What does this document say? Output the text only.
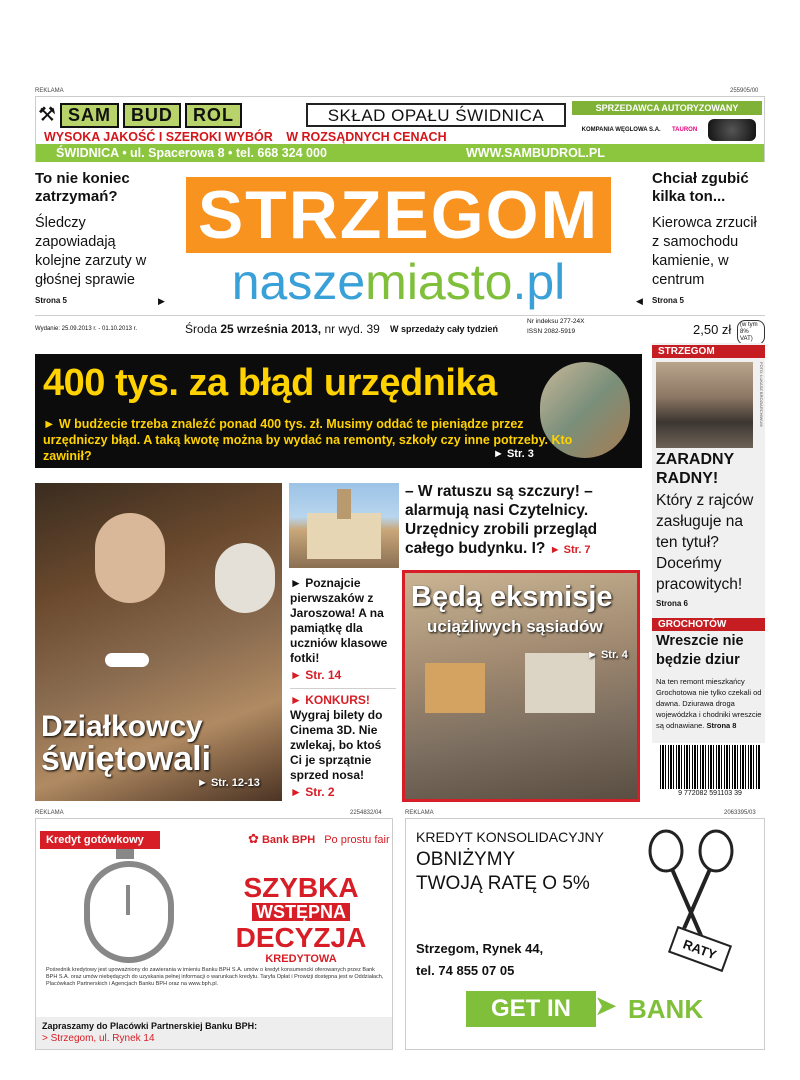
REKLAMA	255905/00
⚒ SAM	BUD	ROL	SKŁAD OPAŁU ŚWIDNICA
WYSOKA JAKOŚĆ I SZEROKI WYBÓR W ROZSĄDNYCH CENACH
SPRZEDAWCA AUTORYZOWANY
KOMPANIA WĘGLOWA S.A. TAURON
ŚWIDNICA • ul. Spacerowa 8 • tel. 668 324 000	WWW.SAMBUDROL.PL
STRZEGOM
naszemiasto.pl
To nie koniec zatrzymań?
Śledczy zapowiadają kolejne zarzuty w głośnej sprawie
Strona 5	▶
Chciał zgubić kilka ton...
Kierowca zrzucił z samochodu kamienie, w centrum
Strona 5
◀
Wydanie: 25.09.2013 r. - 01.10.2013 r.	Środa 25 września 2013, nr wyd. 39 W sprzedaży cały tydzień
Nr indeksu 277-24X
ISSN 2082-5919	2,50 zł	(w tym 8% VAT)
400 tys. za błąd urzędnika
► W budżecie trzeba znaleźć ponad 400 tys. zł. Musimy oddać te pieniądze przez urzędniczy błąd. A taką kwotę można by wydać na remonty, szkoły czy inne potrzeby. Kto zawinił?	► Str. 3
STRZEGOM
FOTO: ŁUKASZ BROZ/ARCHIWUM
ZARADNY RADNY!
Który z rajców zasługuje na ten tytuł? Doceńmy pracowitych!
Strona 6
GROCHOTÓW
Wreszcie nie będzie dziur
Na ten remont mieszkańcy Grochotowa nie tylko czekali od dawna. Dziurawa droga wojewódzka i chodniki wreszcie są odnawiane. Strona 8
9 772082 591103 39
Działkowcy
świętowali
► Str. 12-13
– W ratuszu są szczury! – alarmują nasi Czytelnicy. Urzędnicy zrobili przegląd całego budynku. I? ► Str. 7
► Poznajcie pierwszaków z Jaroszowa! A na pamiątkę dla uczniów klasowe fotki!
► Str. 14
► KONKURS!
Wygraj bilety do Cinema 3D. Nie zwlekaj, bo ktoś Ci je sprzątnie sprzed nosa!
► Str. 2
Będą eksmisje
uciążliwych sąsiadów
► Str. 4
REKLAMA	2254832/04
Kredyt gotówkowy	✿ Bank BPH Po prostu fair
SZYBKA
WSTĘPNA
DECYZJA
KREDYTOWA
Pośrednik kredytowy jest upoważniony do zawierania w imieniu Banku BPH S.A. umów o kredyt konsumencki oferowanych przez Bank BPH S.A. oraz umów niebędących do uzyskania pełnej informacji o warunkach kredytu. Taryfa Opłat i Prowizji dostępna jest w Oddziałach, Placówkach Partnerskich i Agencjach Banku BPH oraz na www.bph.pl.
Zapraszamy do Placówki Partnerskiej Banku BPH:
> Strzegom, ul. Rynek 14
REKLAMA	2063395/03
KREDYT KONSOLIDACYJNY
OBNIŻYMY
TWOJĄ RATĘ O 5%
RATY
Strzegom, Rynek 44,
tel. 74 855 07 05
GET IN ➤ BANK
